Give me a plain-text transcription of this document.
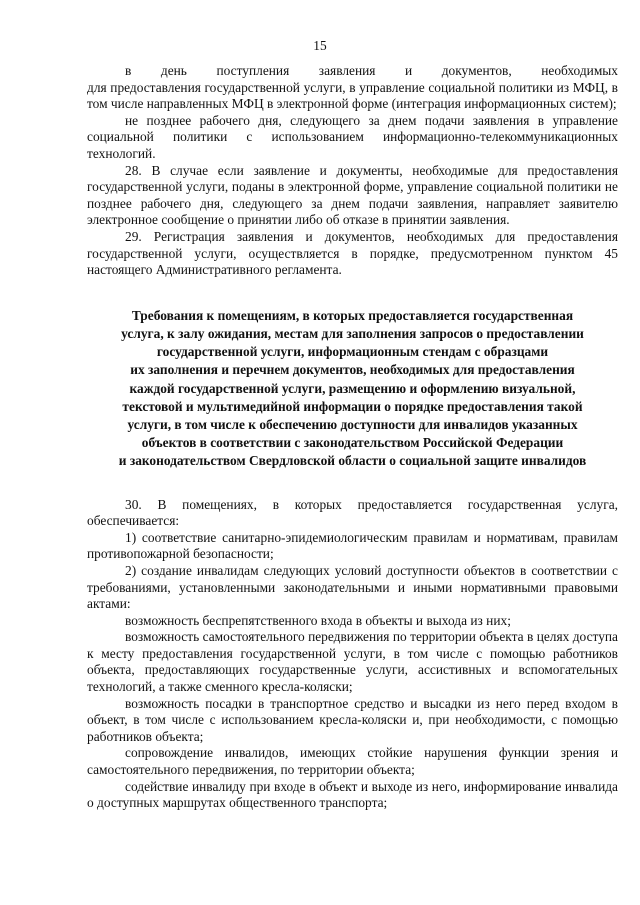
15

в день поступления заявления и документов, необходимых

для предоставления государственной услуги, в управление социальной политики из МФЦ, в том числе направленных МФЦ в электронной форме (интеграция информационных систем);

не позднее рабочего дня, следующего за днем подачи заявления в управление социальной политики с использованием информационно-телекоммуникационных технологий.

28. В случае если заявление и документы, необходимые для предоставления государственной услуги, поданы в электронной форме, управление социальной политики не позднее рабочего дня, следующего за днем подачи заявления, направляет заявителю электронное сообщение о принятии либо об отказе в принятии заявления.

29. Регистрация заявления и документов, необходимых для предоставления государственной услуги, осуществляется в порядке, предусмотренном пунктом 45 настоящего Административного регламента.

Требования к помещениям, в которых предоставляется государственная
услуга, к залу ожидания, местам для заполнения запросов о предоставлении
государственной услуги, информационным стендам с образцами
их заполнения и перечнем документов, необходимых для предоставления
каждой государственной услуги, размещению и оформлению визуальной,
текстовой и мультимедийной информации о порядке предоставления такой
услуги, в том числе к обеспечению доступности для инвалидов указанных
объектов в соответствии с законодательством Российской Федерации
и законодательством Свердловской области о социальной защите инвалидов

30. В помещениях, в которых предоставляется государственная услуга, обеспечивается:

1) соответствие санитарно-эпидемиологическим правилам и нормативам, правилам противопожарной безопасности;

2) создание инвалидам следующих условий доступности объектов в соответствии с требованиями, установленными законодательными и иными нормативными правовыми актами:

возможность беспрепятственного входа в объекты и выхода из них;

возможность самостоятельного передвижения по территории объекта в целях доступа к месту предоставления государственной услуги, в том числе с помощью работников объекта, предоставляющих государственные услуги, ассистивных и вспомогательных технологий, а также сменного кресла-коляски;

возможность посадки в транспортное средство и высадки из него перед входом в объект, в том числе с использованием кресла-коляски и, при необходимости, с помощью работников объекта;

сопровождение инвалидов, имеющих стойкие нарушения функции зрения и самостоятельного передвижения, по территории объекта;

содействие инвалиду при входе в объект и выходе из него, информирование инвалида о доступных маршрутах общественного транспорта;
